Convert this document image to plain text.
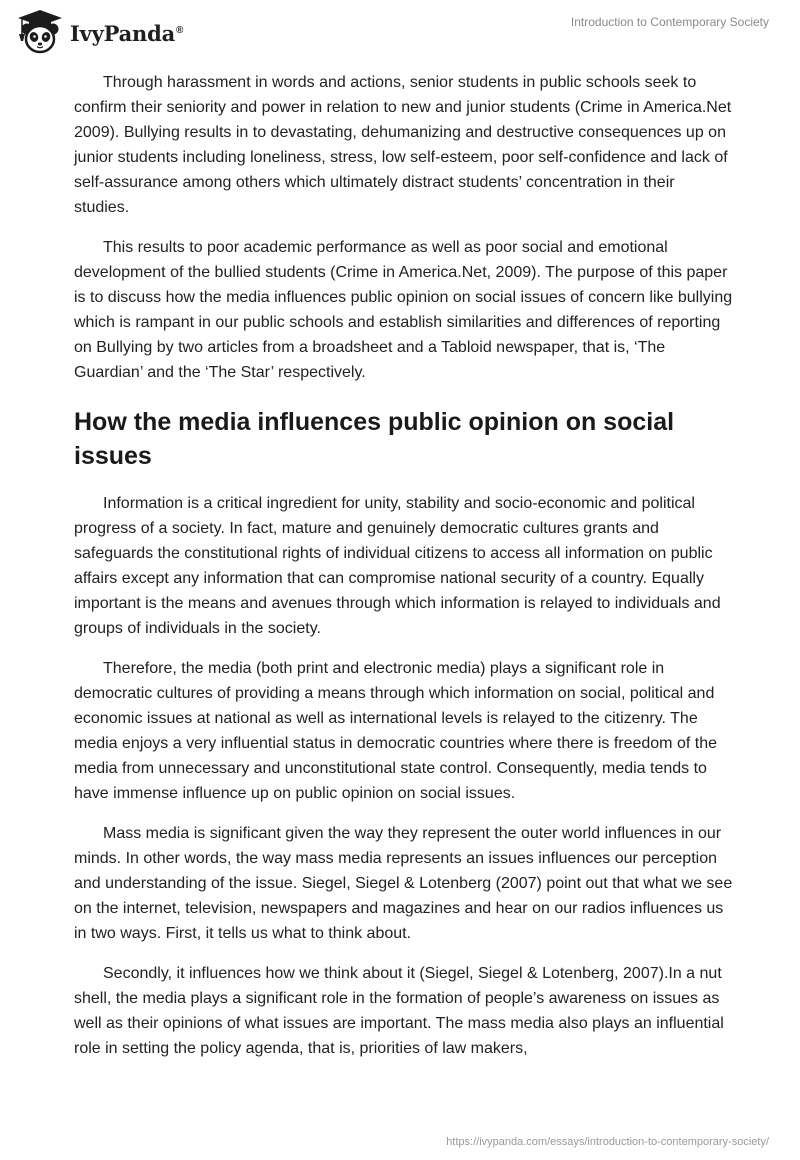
IvyPanda®
Introduction to Contemporary Society

Through harassment in words and actions, senior students in public schools seek to confirm their seniority and power in relation to new and junior students (Crime in America.Net 2009). Bullying results in to devastating, dehumanizing and destructive consequences up on junior students including loneliness, stress, low self-esteem, poor self-confidence and lack of self-assurance among others which ultimately distract students’ concentration in their studies.

This results to poor academic performance as well as poor social and emotional development of the bullied students (Crime in America.Net, 2009). The purpose of this paper is to discuss how the media influences public opinion on social issues of concern like bullying which is rampant in our public schools and establish similarities and differences of reporting on Bullying by two articles from a broadsheet and a Tabloid newspaper, that is, ‘The Guardian’ and the ‘The Star’ respectively.

How the media influences public opinion on social issues

Information is a critical ingredient for unity, stability and socio-economic and political progress of a society. In fact, mature and genuinely democratic cultures grants and safeguards the constitutional rights of individual citizens to access all information on public affairs except any information that can compromise national security of a country. Equally important is the means and avenues through which information is relayed to individuals and groups of individuals in the society.

Therefore, the media (both print and electronic media) plays a significant role in democratic cultures of providing a means through which information on social, political and economic issues at national as well as international levels is relayed to the citizenry. The media enjoys a very influential status in democratic countries where there is freedom of the media from unnecessary and unconstitutional state control. Consequently, media tends to have immense influence up on public opinion on social issues.

Mass media is significant given the way they represent the outer world influences in our minds. In other words, the way mass media represents an issues influences our perception and understanding of the issue. Siegel, Siegel & Lotenberg (2007) point out that what we see on the internet, television, newspapers and magazines and hear on our radios influences us in two ways. First, it tells us what to think about.

Secondly, it influences how we think about it (Siegel, Siegel & Lotenberg, 2007).In a nut shell, the media plays a significant role in the formation of people’s awareness on issues as well as their opinions of what issues are important. The mass media also plays an influential role in setting the policy agenda, that is, priorities of law makers,

https://ivypanda.com/essays/introduction-to-contemporary-society/
